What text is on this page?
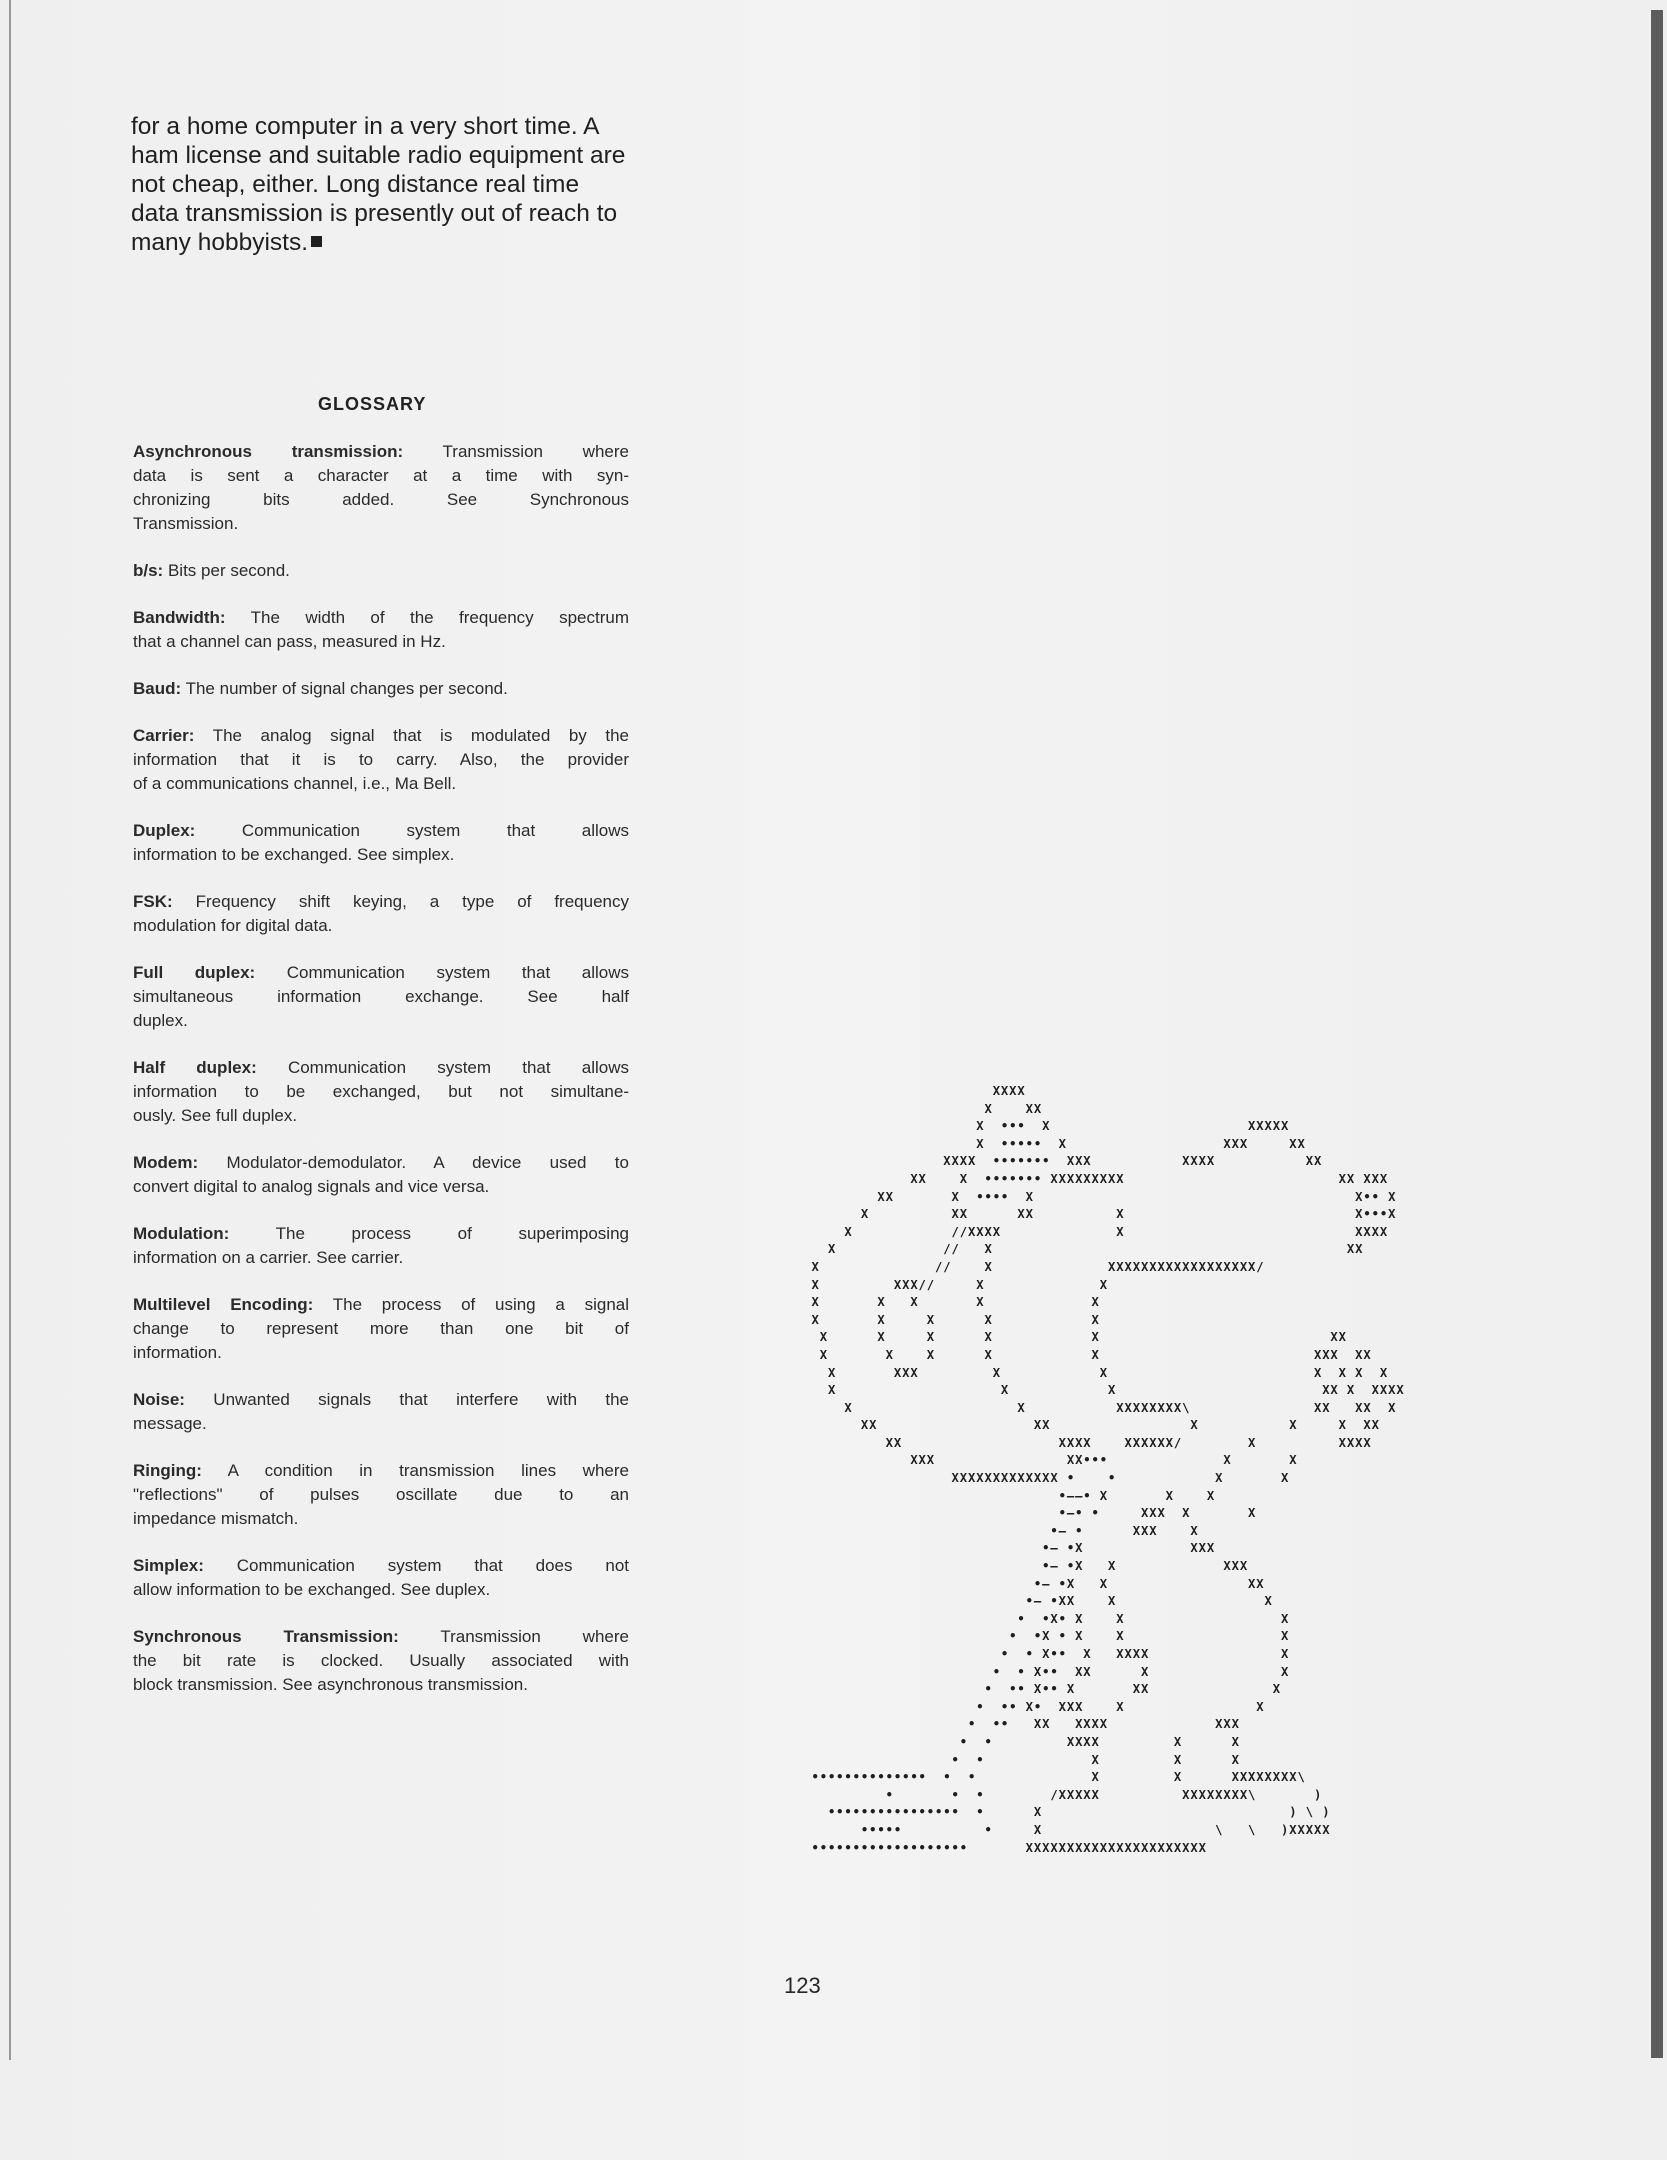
for a home computer in a very short time. A
ham license and suitable radio equipment are
not cheap, either. Long distance real time
data transmission is presently out of reach to
many hobbyists.
GLOSSARY
Asynchronous transmission: Transmission where
data is sent a character at a time with syn-
chronizing bits added. See Synchronous
Transmission.
b/s: Bits per second.
Bandwidth: The width of the frequency spectrum
that a channel can pass, measured in Hz.
Baud: The number of signal changes per second.
Carrier: The analog signal that is modulated by the
information that it is to carry. Also, the provider
of a communications channel, i.e., Ma Bell.
Duplex:	Communication system that allows
information to be exchanged. See simplex.
FSK: Frequency shift keying, a type of frequency
modulation for digital data.
Full duplex: Communication system that allows
simultaneous information exchange. See half
duplex.
Half duplex: Communication system that allows
information to be exchanged, but not simultane-
ously. See full duplex.
Modem: Modulator-demodulator. A device used to
convert digital to analog signals and vice versa.
Modulation:	The process of superimposing
information on a carrier. See carrier.
Multilevel Encoding: The process of using a signal
change to represent more than one bit of
information.
Noise: Unwanted signals that interfere with the
message.
Ringing: A condition in transmission lines where
"reflections" of pulses oscillate due to an
impedance mismatch.
Simplex: Communication system that does not
allow information to be exchanged. See duplex.
Synchronous Transmission: Transmission where
the bit rate is clocked. Usually associated with
block transmission. See asynchronous transmission.
XXXX
X    XX
X  •••  X                        XXXXX
X  •••••  X                   XXX     XX
XXXX  •••••••  XXX           XXXX           XX
XX    X  ••••••• XXXXXXXXX                          XX XXX
XX       X  ••••  X                                       X•• X
X          XX      XX          X                            X•••X
X            //XXXX              X                            XXXX
X             //   X                                           XX
X              //    X              XXXXXXXXXXXXXXXXXX/
X         XXX//     X              X
X       X   X       X             X
X       X     X      X            X
X      X     X      X            X                            XX
X       X    X      X            X                          XXX  XX
X       XXX         X            X                         X  X X  X
X                    X            X                         XX X  XXXX
X                    X           XXXXXXXX\               XX   XX  X
XX                   XX                 X           X     X  XX
XX                   XXXX    XXXXXX/        X          XXXX
XXX                XX•••              X       X
XXXXXXXXXXXXX •    •            X       X
•——• X       X    X
•—• •     XXX  X       X
•— •      XXX    X
•— •X             XXX
•— •X   X             XXX
•— •X   X                 XX
•— •XX    X                  X
•  •X• X    X                   X
•  •X • X    X                   X
•  • X••  X   XXXX                X
•  • X••  XX      X                X
•  •• X•• X       XX               X
•  •• X•  XXX    X                X
•  ••   XX   XXXX             XXX
•  •         XXXX         X      X
•  •             X         X      X
••••••••••••••  •  •              X         X      XXXXXXXX\
•       •  •        /XXXXX          XXXXXXXX\       )
••••••••••••••••  •      X                              ) \ )
•••••          •     X                     \   \   )XXXXX
•••••••••••••••••••       XXXXXXXXXXXXXXXXXXXXXX
123
